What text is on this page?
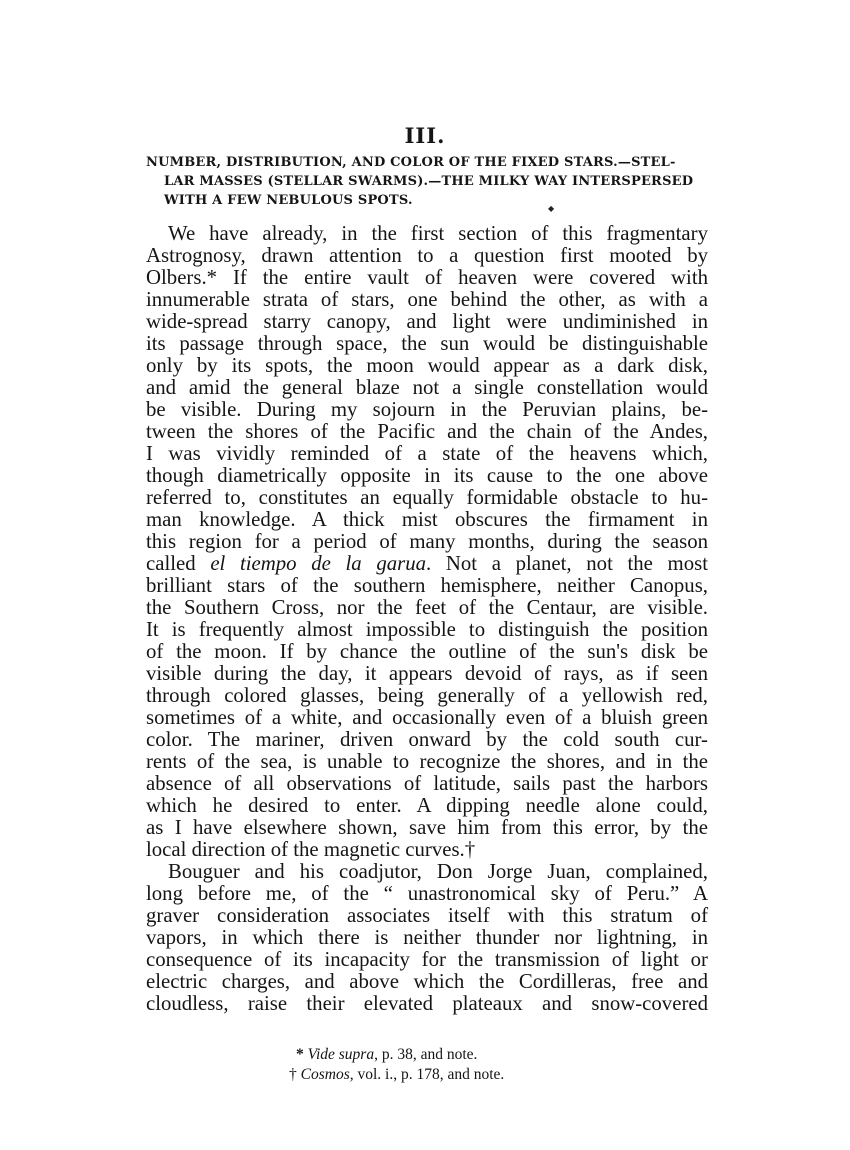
III.
NUMBER, DISTRIBUTION, AND COLOR OF THE FIXED STARS.—STEL-
LAR MASSES (STELLAR SWARMS).—THE MILKY WAY INTERSPERSED
WITH A FEW NEBULOUS SPOTS.
◆
We have already, in the first section of this fragmentary
Astrognosy, drawn attention to a question first mooted by
Olbers.* If the entire vault of heaven were covered with
innumerable strata of stars, one behind the other, as with a
wide-spread starry canopy, and light were undiminished in
its passage through space, the sun would be distinguishable
only by its spots, the moon would appear as a dark disk,
and amid the general blaze not a single constellation would
be visible. During my sojourn in the Peruvian plains, be-
tween the shores of the Pacific and the chain of the Andes,
I was vividly reminded of a state of the heavens which,
though diametrically opposite in its cause to the one above
referred to, constitutes an equally formidable obstacle to hu-
man knowledge. A thick mist obscures the firmament in
this region for a period of many months, during the season
called el tiempo de la garua. Not a planet, not the most
brilliant stars of the southern hemisphere, neither Canopus,
the Southern Cross, nor the feet of the Centaur, are visible.
It is frequently almost impossible to distinguish the position
of the moon. If by chance the outline of the sun's disk be
visible during the day, it appears devoid of rays, as if seen
through colored glasses, being generally of a yellowish red,
sometimes of a white, and occasionally even of a bluish green
color. The mariner, driven onward by the cold south cur-
rents of the sea, is unable to recognize the shores, and in the
absence of all observations of latitude, sails past the harbors
which he desired to enter. A dipping needle alone could,
as I have elsewhere shown, save him from this error, by the
local direction of the magnetic curves.†
Bouguer and his coadjutor, Don Jorge Juan, complained,
long before me, of the “ unastronomical sky of Peru.” A
graver consideration associates itself with this stratum of
vapors, in which there is neither thunder nor lightning, in
consequence of its incapacity for the transmission of light or
electric charges, and above which the Cordilleras, free and
cloudless, raise their elevated plateaux and snow-covered
* Vide supra, p. 38, and note.
† Cosmos, vol. i., p. 178, and note.
